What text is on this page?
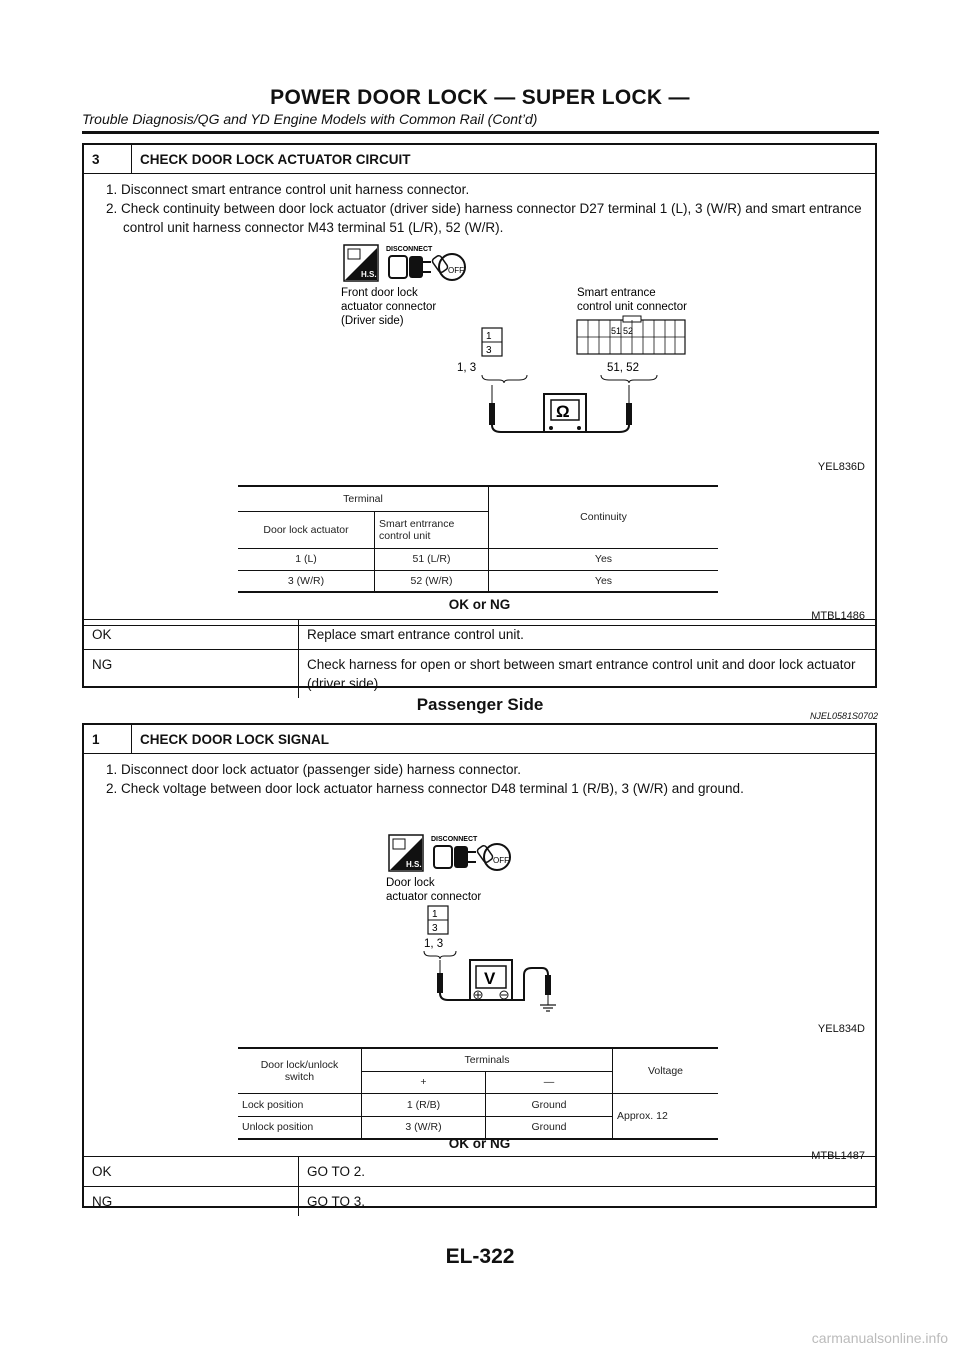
POWER DOOR LOCK — SUPER LOCK —
Trouble Diagnosis/QG and YD Engine Models with Common Rail (Cont’d)
3	CHECK DOOR LOCK ACTUATOR CIRCUIT
1. Disconnect smart entrance control unit harness connector.
2. Check continuity between door lock actuator (driver side) harness connector D27 terminal 1 (L), 3 (W/R) and smart entrance control unit harness connector M43 terminal 51 (L/R), 52 (W/R).
H.S.
DISCONNECT
OFF
Front door lock
actuator connector
(Driver side)
1
3
1, 3
Smart entrance
control unit connector
51 52
51, 52
Ω
YEL836D

Terminal		Continuity
Door lock actuator	Smart entrrance
control unit	
1 (L)	51 (L/R)	Yes
3 (W/R)	52 (W/R)	Yes
MTBL1486
OK or NG
OK	Replace smart entrance control unit.
NG	Check harness for open or short between smart entrance control unit and door lock actuator (driver side).
Passenger Side
NJEL0581S0702
1	CHECK DOOR LOCK SIGNAL
1. Disconnect door lock actuator (passenger side) harness connector.
2. Check voltage between door lock actuator harness connector D48 terminal 1 (R/B), 3 (W/R) and ground.
H.S.
DISCONNECT
OFF
Door lock
actuator connector
1
3
1, 3
V
YEL834D

Door lock/unlock
switch	Terminals		Voltage
	+	—	
Lock position	1 (R/B)	Ground	Approx. 12
Unlock position	3 (W/R)	Ground	
MTBL1487
OK or NG
OK	GO TO 2.
NG	GO TO 3.
EL-322
carmanualsonline.info
